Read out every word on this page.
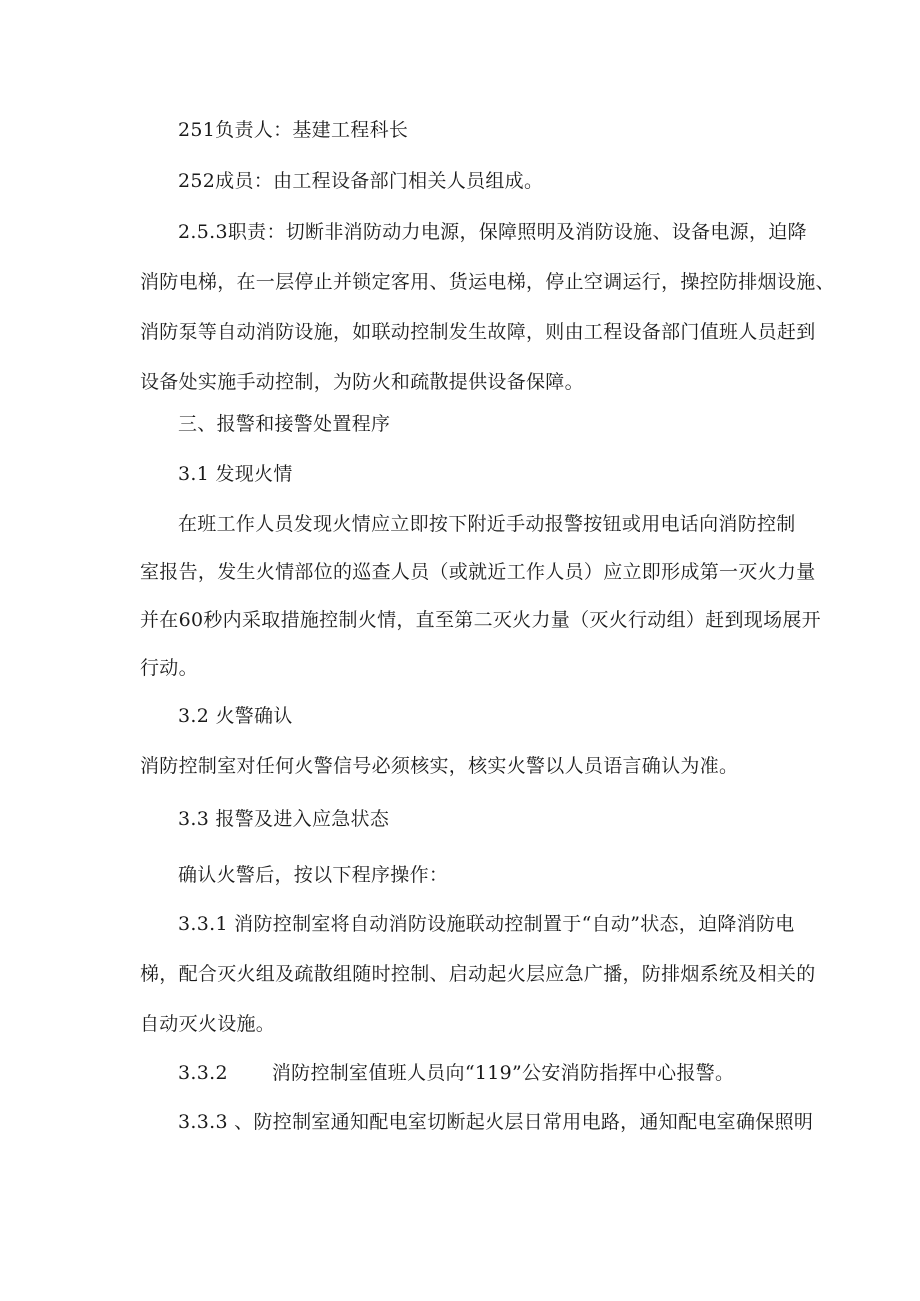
251负责人：基建工程科长
252成员：由工程设备部门相关人员组成。
2.5.3职责：切断非消防动力电源，保障照明及消防设施、设备电源，迫降
消防电梯，在一层停止并锁定客用、货运电梯，停止空调运行，操控防排烟设施、
消防泵等自动消防设施，如联动控制发生故障，则由工程设备部门值班人员赶到
设备处实施手动控制，为防火和疏散提供设备保障。
三、报警和接警处置程序
3.1 发现火情
在班工作人员发现火情应立即按下附近手动报警按钮或用电话向消防控制
室报告，发生火情部位的巡查人员（或就近工作人员）应立即形成第一灭火力量
并在60秒内采取措施控制火情，直至第二灭火力量（灭火行动组）赶到现场展开
行动。
3.2 火警确认
消防控制室对任何火警信号必须核实，核实火警以人员语言确认为准。
3.3 报警及进入应急状态
确认火警后，按以下程序操作：
3.3.1 消防控制室将自动消防设施联动控制置于“自动”状态，迫降消防电
梯，配合灭火组及疏散组随时控制、启动起火层应急广播，防排烟系统及相关的
自动灭火设施。
3.3.2 消防控制室值班人员向“119”公安消防指挥中心报警。
3.3.3 、防控制室通知配电室切断起火层日常用电路，通知配电室确保照明
